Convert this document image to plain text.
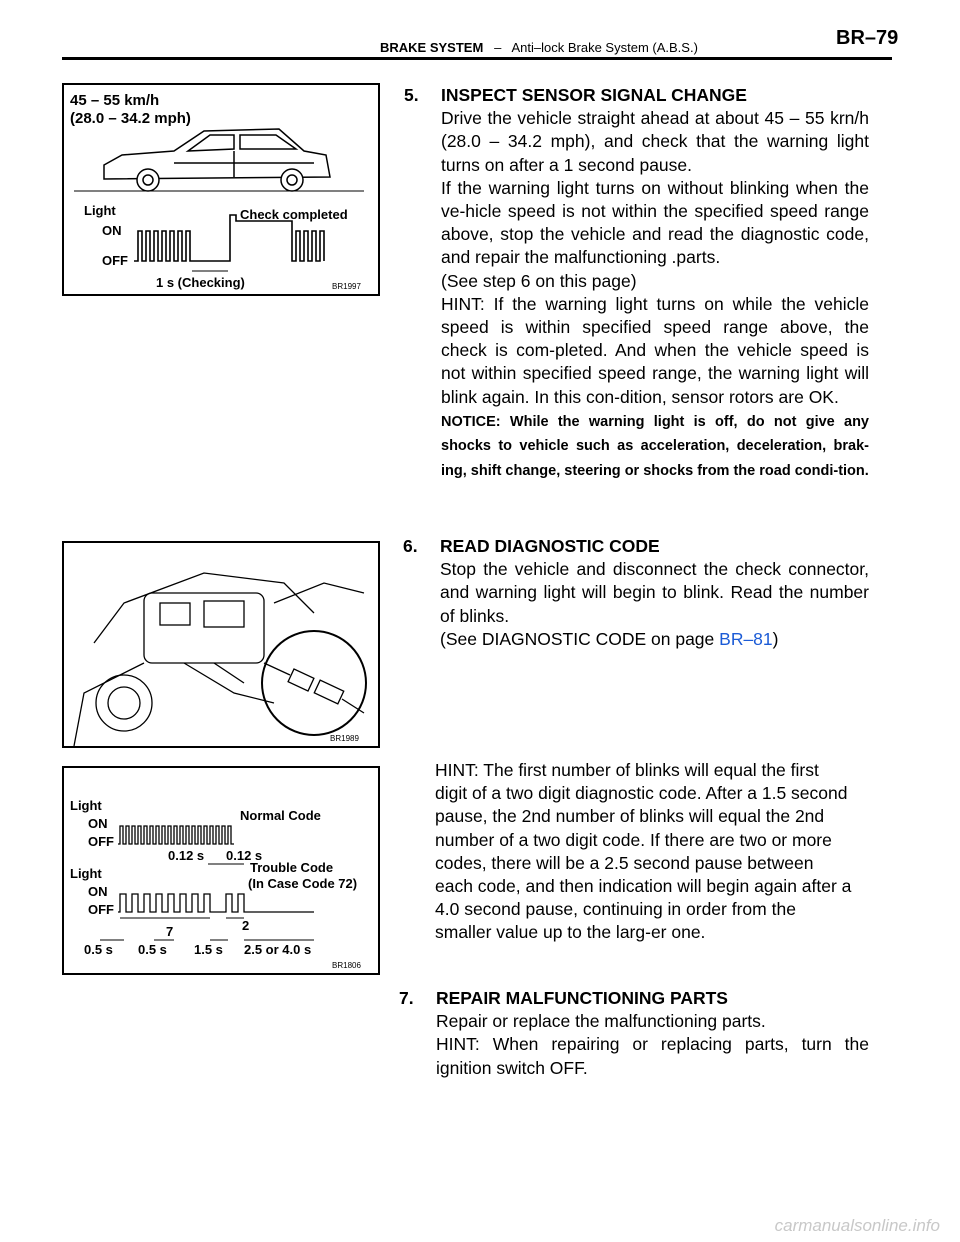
BRAKE SYSTEM – Anti–lock Brake System (A.B.S.)	BR–79
45 – 55 km/h
(28.0 – 34.2 mph)
Light
ON
OFF
Check completed
1 s (Checking)	BR1997
5. INSPECT SENSOR SIGNAL CHANGE
Drive the vehicle straight ahead at about 45 – 55 krn/h (28.0 – 34.2 mph), and check that the warning light turns on after a 1 second pause.
If the warning light turns on without blinking when the ve-hicle speed is not within the specified speed range above, stop the vehicle and read the diagnostic code, and repair the malfunctioning .parts.
(See step 6 on this page)
HINT: If the warning light turns on while the vehicle speed is within specified speed range above, the check is com-pleted. And when the vehicle speed is not within specified speed range, the warning light will blink again. In this con-dition, sensor rotors are OK.
NOTICE: While the warning light is off, do not give any shocks to vehicle such as acceleration, deceleration, brak-ing, shift change, steering or shocks from the road condi-tion.
BR1989
6. READ DIAGNOSTIC CODE
Stop the vehicle and disconnect the check connector, and warning light will begin to blink. Read the number of blinks.
(See DIAGNOSTIC CODE on page BR–81)
Light
ON
OFF
Normal Code
0.12 s 0.12 s
Trouble Code
(In Case Code 72)
Light
ON
OFF
7	2
0.5 s 0.5 s 1.5 s 2.5 or 4.0 s
BR1806
HINT: The first number of blinks will equal the first digit of a two digit diagnostic code. After a 1.5 second pause, the 2nd number of blinks will equal the 2nd number of a two digit code. If there are two or more codes, there will be a 2.5 second pause between each code, and then indication will begin again after a 4.0 second pause, continuing in order from the smaller value up to the larg-er one.
7. REPAIR MALFUNCTIONING PARTS
Repair or replace the malfunctioning parts.
HINT: When repairing or replacing parts, turn the ignition switch OFF.
carmanualsonline.info
